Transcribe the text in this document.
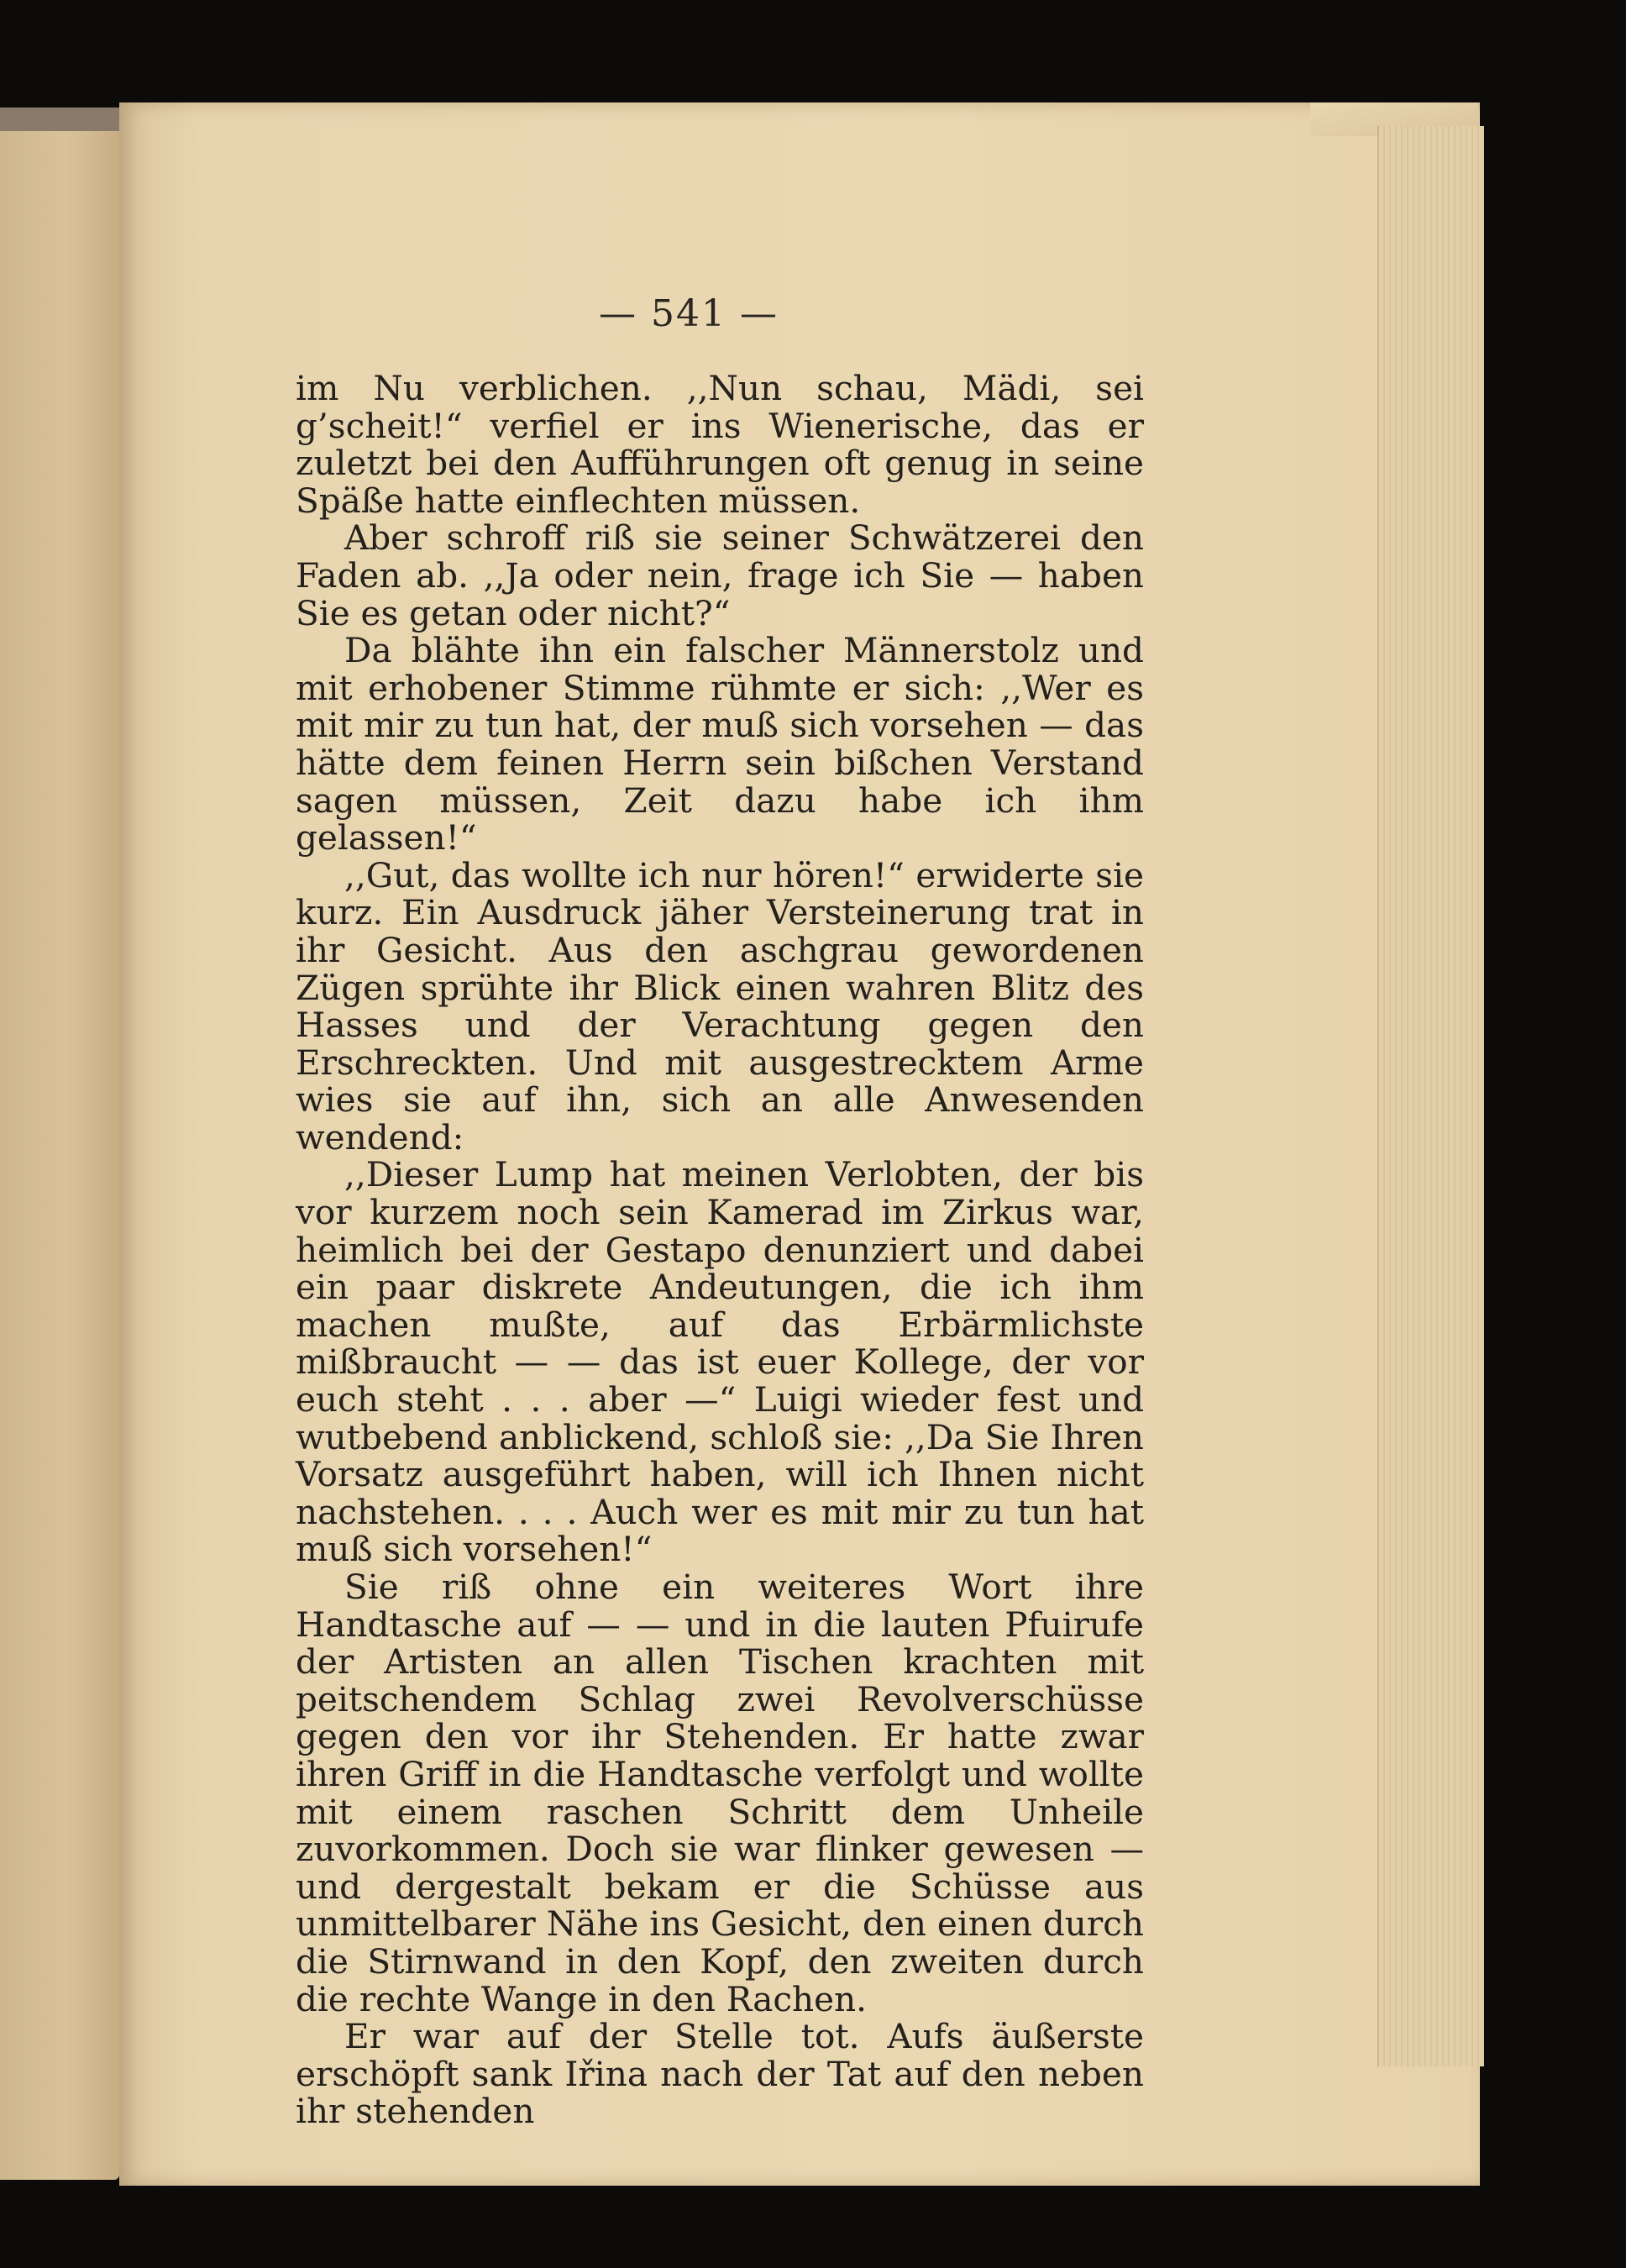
— 541 —

im Nu verblichen. ,,Nun schau, Mädi, sei g’scheit!“ verfiel er ins Wienerische, das er zuletzt bei den Aufführungen oft genug in seine Späße hatte einflechten müssen.

Aber schroff riß sie seiner Schwätzerei den Faden ab. ,,Ja oder nein, frage ich Sie — haben Sie es getan oder nicht?“

Da blähte ihn ein falscher Männerstolz und mit erhobener Stimme rühmte er sich: ,,Wer es mit mir zu tun hat, der muß sich vorsehen — das hätte dem feinen Herrn sein bißchen Verstand sagen müssen, Zeit dazu habe ich ihm gelassen!“

,,Gut, das wollte ich nur hören!“ erwiderte sie kurz. Ein Ausdruck jäher Versteinerung trat in ihr Gesicht. Aus den aschgrau gewordenen Zügen sprühte ihr Blick einen wahren Blitz des Hasses und der Verachtung gegen den Erschreckten. Und mit ausgestrecktem Arme wies sie auf ihn, sich an alle Anwesenden wendend:

,,Dieser Lump hat meinen Verlobten, der bis vor kurzem noch sein Kamerad im Zirkus war, heimlich bei der Gestapo denunziert und dabei ein paar diskrete Andeutungen, die ich ihm machen mußte, auf das Erbärmlichste mißbraucht — — das ist euer Kollege, der vor euch steht . . . aber —“ Luigi wieder fest und wutbebend anblickend, schloß sie: ,,Da Sie Ihren Vorsatz ausgeführt haben, will ich Ihnen nicht nachstehen. . . . Auch wer es mit mir zu tun hat muß sich vorsehen!“

Sie riß ohne ein weiteres Wort ihre Handtasche auf — — und in die lauten Pfuirufe der Artisten an allen Tischen krachten mit peitschendem Schlag zwei Revolverschüsse gegen den vor ihr Stehenden. Er hatte zwar ihren Griff in die Handtasche verfolgt und wollte mit einem raschen Schritt dem Unheile zuvorkommen. Doch sie war flinker gewesen — und dergestalt bekam er die Schüsse aus unmittelbarer Nähe ins Gesicht, den einen durch die Stirnwand in den Kopf, den zweiten durch die rechte Wange in den Rachen.

Er war auf der Stelle tot. Aufs äußerste erschöpft sank Iřina nach der Tat auf den neben ihr stehenden
